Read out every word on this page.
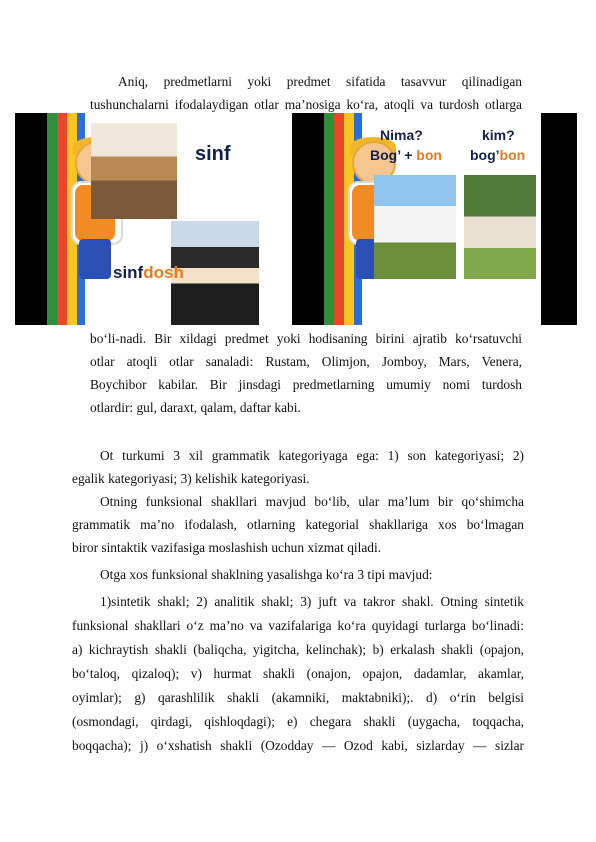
Aniq, predmetlarni yoki predmet sifatida tasavvur qilinadigan
tushunchalarni ifodalaydigan otlar ma’nosiga ko‘ra, atoqli va turdosh otlarga
sinf
sinfdosh
Nima?	kim?
Bog’ + bon bog’bon
bo‘li-nadi. Bir xildagi predmet yoki hodisaning birini ajratib ko‘rsatuvchi
otlar atoqli otlar sanaladi: Rustam, Olimjon, Jomboy, Mars, Venera,
Boychibor kabilar. Bir jinsdagi predmetlarning umumiy nomi turdosh
otlardir: gul, daraxt, qalam, daftar kabi.
Ot turkumi 3 xil grammatik kategoriyaga ega: 1) son kategoriyasi; 2)
egalik kategoriyasi; 3) kelishik kategoriyasi.
Otning funksional shakllari mavjud bo‘lib, ular ma’lum bir qo‘shimcha
grammatik ma’no ifodalash, otlarning kategorial shakllariga xos bo‘lmagan
biror sintaktik vazifasiga moslashish uchun xizmat qiladi.
Otga xos funksional shaklning yasalishga ko‘ra 3 tipi mavjud:
1)sintetik shakl; 2) analitik shakl; 3) juft va takror shakl. Otning sintetik
funksional shakllari o‘z ma’no va vazifalariga ko‘ra quyidagi turlarga bo‘linadi:
a) kichraytish shakli (baliqcha, yigitcha, kelinchak); b) erkalash shakli (opajon,
bo‘taloq, qizaloq); v) hurmat shakli (onajon, opajon, dadamlar, akamlar,
oyimlar); g) qarashlilik shakli (akamniki, maktabniki);. d) o‘rin belgisi
(osmondagi, qirdagi, qishloqdagi); e) chegara shakli (uygacha, toqqacha,
boqqacha); j) o‘xshatish shakli (Ozodday — Ozod kabi, sizlarday — sizlar
